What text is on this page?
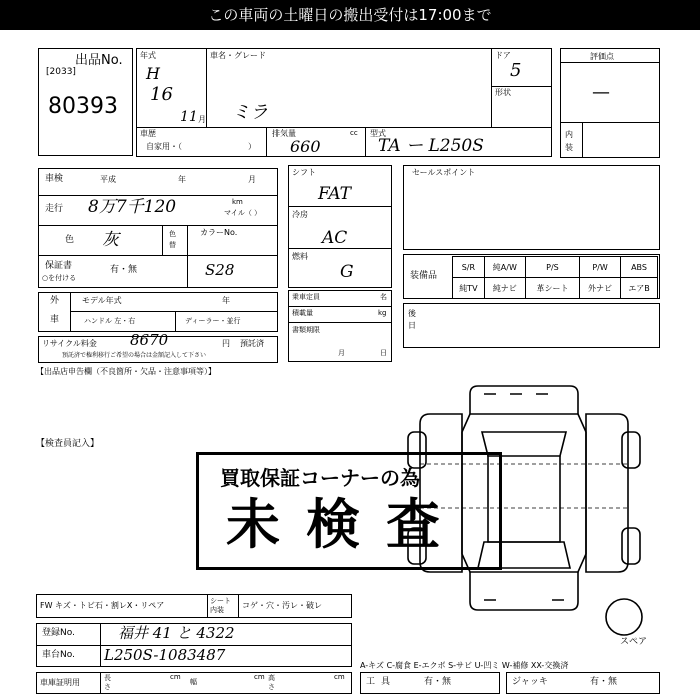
この車両の土曜日の搬出受付は17:00まで
出品No.
[2033]
80393
年式
H
16
11 月
車名・グレード
ミラ
ドア
5
形状
評価点
—
内装
車歴
自家用・（	）
排気量	cc
660
型式
TA ー L250S
車検	平成	年	月
走行 8万7千120	km
マイル（ ）
色 灰	色替
カラーNo.
S28
保証書
○を付ける
有・無
シフト
FAT
冷房
AC
燃料
G
セールスポイント
装備品
S/R	純A/W	P/S	P/W	ABS
純TV	純ナビ	革シート	外ナビ	エアB
外
車
モデル年式	年
ハンドル 左・右	ディーラー・並行
乗車定員	名
積載量	kg
書類期限
月	日
後日
リサイクル料金 8670	円 預託済
預託済で権利移行ご希望の場合は金額記入して下さい
【出品店申告欄（不良箇所・欠品・注意事項等）】
【検査員記入】
スペア
買取保証コーナーの為
未検査
FW キズ・トビ石・割レX・リペア	シート内装	コゲ・穴・汚レ・破レ
登録No.	福井 41 と 4322
車台No. L250S-1083487
A-キズ C-腐食 E-エクボ S-サビ U-凹ミ W-補修 XX-交換済
車庫証明用	長さ
cm
幅
cm 高さ
cm 工具	有・無	ジャッキ	有・無
